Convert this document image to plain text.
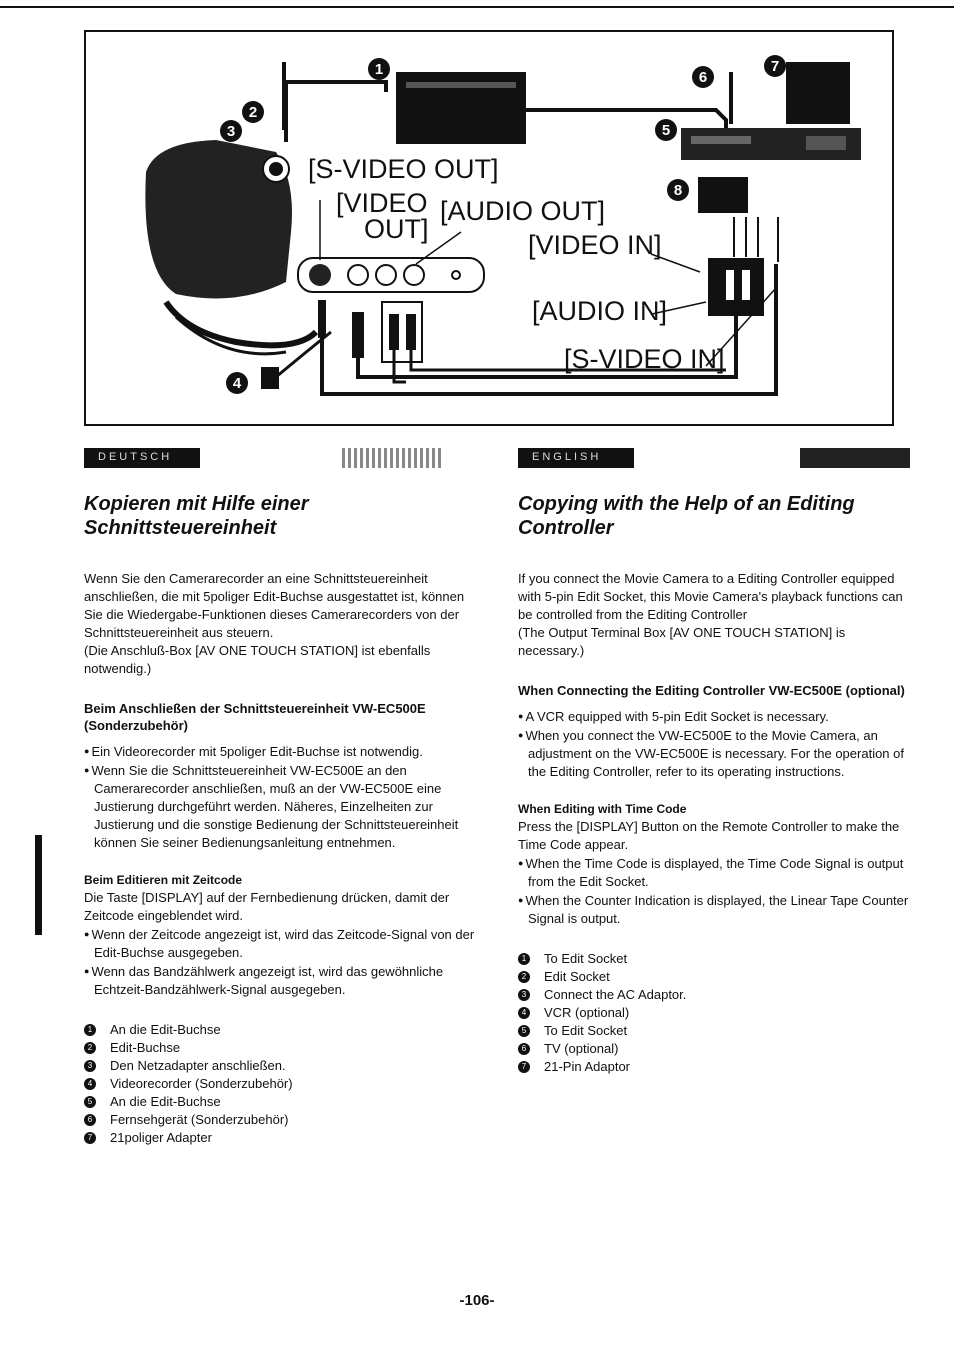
[S-VIDEO OUT]
[VIDEO
OUT]
[AUDIO OUT]
[VIDEO IN]
[AUDIO IN]
[S-VIDEO IN]
1
2
3
4
5
6
7
8
DEUTSCH
Kopieren mit Hilfe einer
Schnittsteuereinheit

Wenn Sie den Camerarecorder an eine Schnittsteuereinheit anschließen, die mit 5poliger Edit-Buchse ausgestattet ist, können Sie die Wiedergabe-Funktionen dieses Camerarecorders von der Schnittsteuereinheit aus steuern.

(Die Anschluß-Box [AV ONE TOUCH STATION] ist ebenfalls notwendig.)

Beim Anschließen der Schnittsteuereinheit VW-EC500E (Sonderzubehör)
● Ein Videorecorder mit 5poliger Edit-Buchse ist notwendig.
● Wenn Sie die Schnittsteuereinheit VW-EC500E an den Camerarecorder anschließen, muß an der VW-EC500E eine Justierung durchgeführt werden. Näheres, Einzelheiten zur Justierung und die sonstige Bedienung der Schnittsteuereinheit können Sie seiner Bedienungsanleitung entnehmen.
Beim Editieren mit Zeitcode

Die Taste [DISPLAY] auf der Fernbedienung drücken, damit der Zeitcode eingeblendet wird.

● Wenn der Zeitcode angezeigt ist, wird das Zeitcode-Signal von der Edit-Buchse ausgegeben.
● Wenn das Bandzählwerk angezeigt ist, wird das gewöhnliche Echtzeit-Bandzählwerk-Signal ausgegeben.
1 An die Edit-Buchse
2 Edit-Buchse
3 Den Netzadapter anschließen.
4 Videorecorder (Sonderzubehör)
5 An die Edit-Buchse
6 Fernsehgerät (Sonderzubehör)
7 21poliger Adapter
ENGLISH
Copying with the Help of an Editing
Controller

If you connect the Movie Camera to a Editing Controller equipped with 5-pin Edit Socket, this Movie Camera's playback functions can be controlled from the Editing Controller

(The Output Terminal Box [AV ONE TOUCH STATION] is necessary.)

When Connecting the Editing Controller VW-EC500E (optional)
● A VCR equipped with 5-pin Edit Socket is necessary.
● When you connect the VW-EC500E to the Movie Camera, an adjustment on the VW-EC500E is necessary. For the operation of the Editing Controller, refer to its operating instructions.
When Editing with Time Code

Press the [DISPLAY] Button on the Remote Controller to make the Time Code appear.

● When the Time Code is displayed, the Time Code Signal is output from the Edit Socket.
● When the Counter Indication is displayed, the Linear Tape Counter Signal is output.
1 To Edit Socket
2 Edit Socket
3 Connect the AC Adaptor.
4 VCR (optional)
5 To Edit Socket
6 TV (optional)
7 21-Pin Adaptor
-106-
